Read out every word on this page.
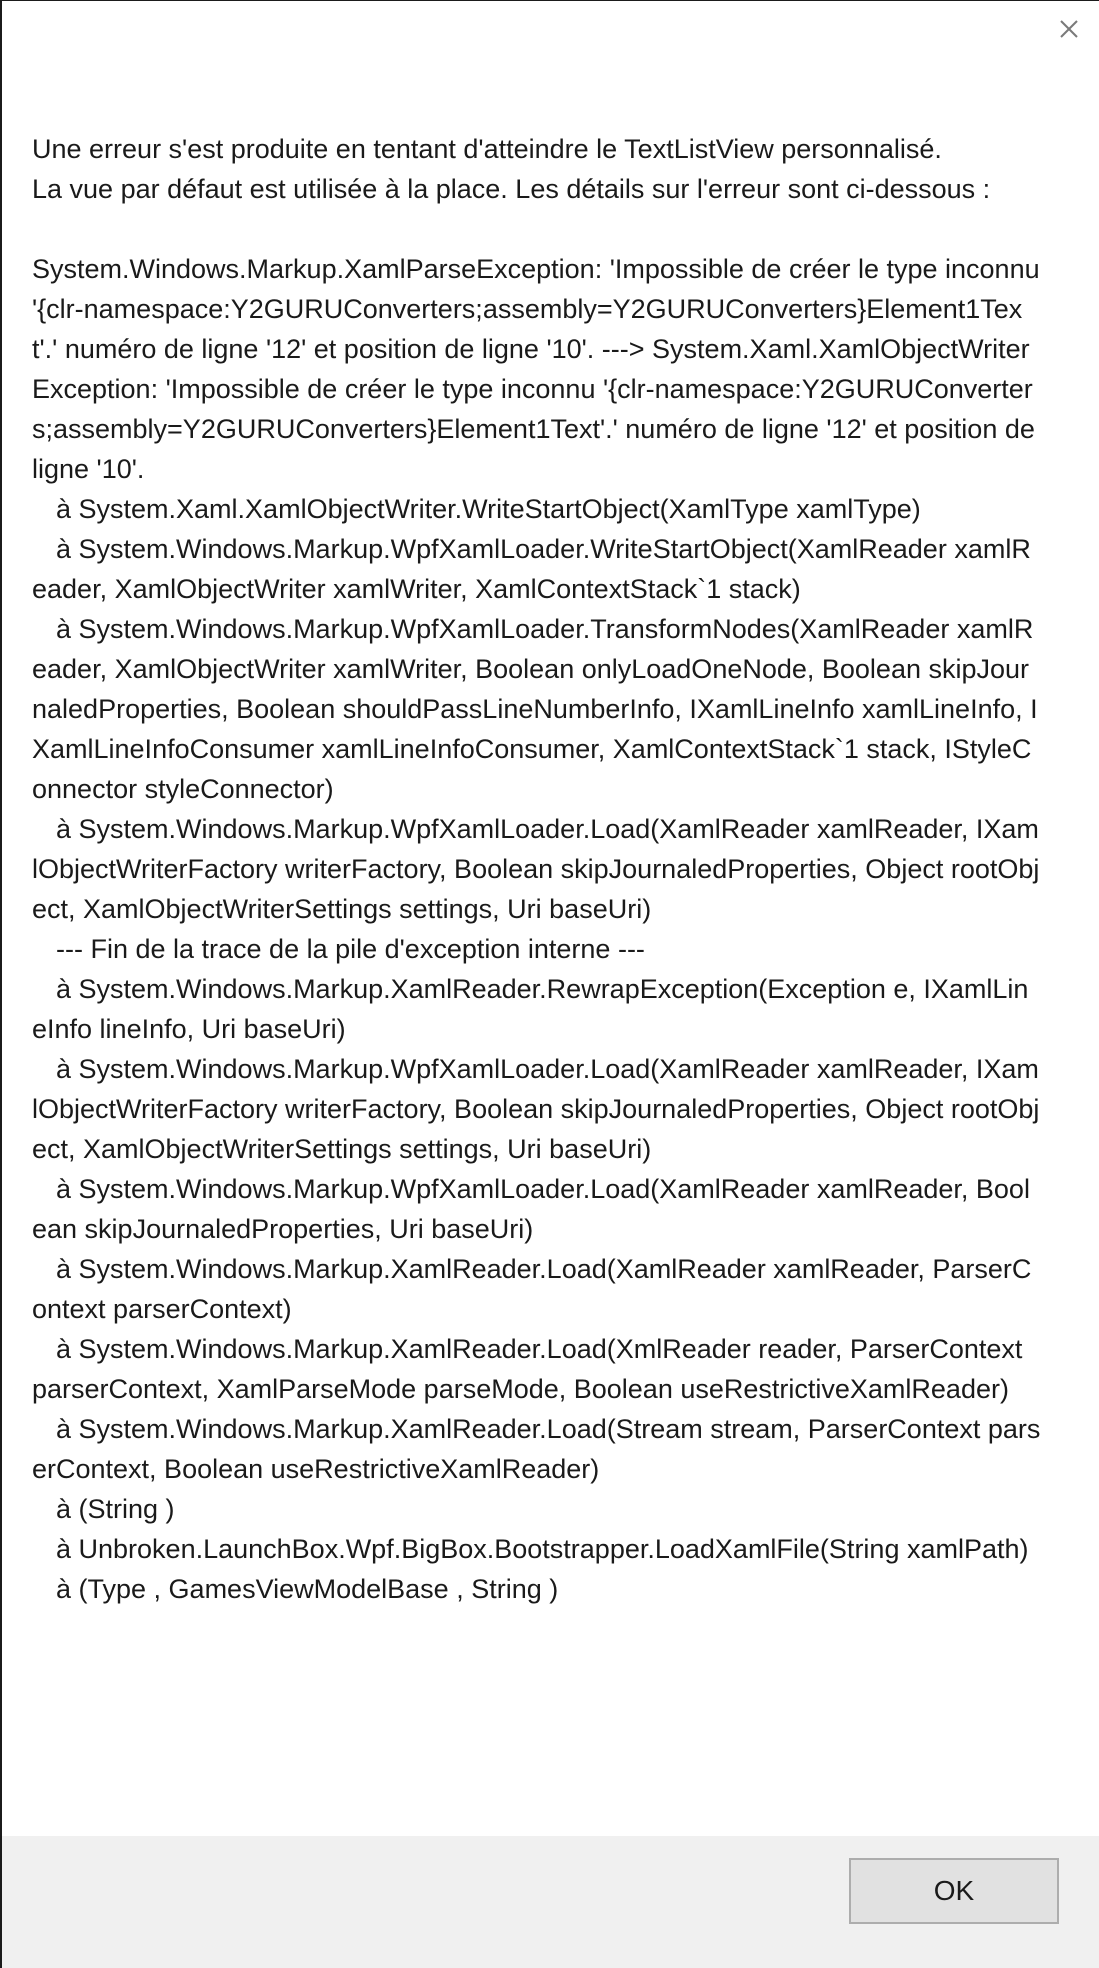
Une erreur s'est produite en tentant d'atteindre le TextListView personnalisé.

La vue par défaut est utilisée à la place. Les détails sur l'erreur sont ci-dessous :

System.Windows.Markup.XamlParseException: 'Impossible de créer le type inconnu '{clr-namespace:Y2GURUConverters;assembly=Y2GURUConverters}Element1Text'.' numéro de ligne '12' et position de ligne '10'. ---> System.Xaml.XamlObjectWriterException: 'Impossible de créer le type inconnu '{clr-namespace:Y2GURUConverters;assembly=Y2GURUConverters}Element1Text'.' numéro de ligne '12' et position de ligne '10'.

à System.Xaml.XamlObjectWriter.WriteStartObject(XamlType xamlType)

à System.Windows.Markup.WpfXamlLoader.WriteStartObject(XamlReader xamlReader, XamlObjectWriter xamlWriter, XamlContextStack`1 stack)

à System.Windows.Markup.WpfXamlLoader.TransformNodes(XamlReader xamlReader, XamlObjectWriter xamlWriter, Boolean onlyLoadOneNode, Boolean skipJournaledProperties, Boolean shouldPassLineNumberInfo, IXamlLineInfo xamlLineInfo, IXamlLineInfoConsumer xamlLineInfoConsumer, XamlContextStack`1 stack, IStyleConnector styleConnector)

à System.Windows.Markup.WpfXamlLoader.Load(XamlReader xamlReader, IXamlObjectWriterFactory writerFactory, Boolean skipJournaledProperties, Object rootObject, XamlObjectWriterSettings settings, Uri baseUri)

--- Fin de la trace de la pile d'exception interne ---

à System.Windows.Markup.XamlReader.RewrapException(Exception e, IXamlLineInfo lineInfo, Uri baseUri)

à System.Windows.Markup.WpfXamlLoader.Load(XamlReader xamlReader, IXamlObjectWriterFactory writerFactory, Boolean skipJournaledProperties, Object rootObject, XamlObjectWriterSettings settings, Uri baseUri)

à System.Windows.Markup.WpfXamlLoader.Load(XamlReader xamlReader, Boolean skipJournaledProperties, Uri baseUri)

à System.Windows.Markup.XamlReader.Load(XamlReader xamlReader, ParserContext parserContext)

à System.Windows.Markup.XamlReader.Load(XmlReader reader, ParserContext parserContext, XamlParseMode parseMode, Boolean useRestrictiveXamlReader)

à System.Windows.Markup.XamlReader.Load(Stream stream, ParserContext parserContext, Boolean useRestrictiveXamlReader)

à (String )

à Unbroken.LaunchBox.Wpf.BigBox.Bootstrapper.LoadXamlFile(String xamlPath)

à (Type , GamesViewModelBase , String )

OK
